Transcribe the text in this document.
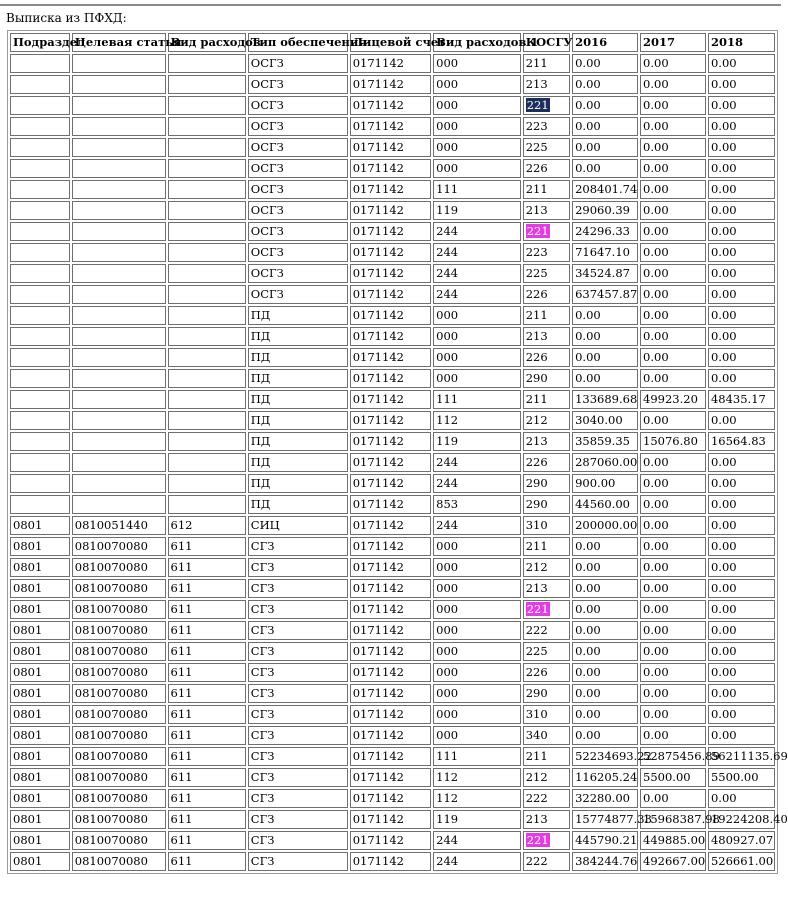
Выписка из ПФХД:
Подраздел	Целевая статья	Вид расходов	Тип обеспечения	Лицевой счет	Вид расходов 1	КОСГУ	2016	2017	2018
			ОСГЗ	0171142	000	211	0.00	0.00	0.00
			ОСГЗ	0171142	000	213	0.00	0.00	0.00
			ОСГЗ	0171142	000	221	0.00	0.00	0.00
			ОСГЗ	0171142	000	223	0.00	0.00	0.00
			ОСГЗ	0171142	000	225	0.00	0.00	0.00
			ОСГЗ	0171142	000	226	0.00	0.00	0.00
			ОСГЗ	0171142	111	211	208401.74	0.00	0.00
			ОСГЗ	0171142	119	213	29060.39	0.00	0.00
			ОСГЗ	0171142	244	221	24296.33	0.00	0.00
			ОСГЗ	0171142	244	223	71647.10	0.00	0.00
			ОСГЗ	0171142	244	225	34524.87	0.00	0.00
			ОСГЗ	0171142	244	226	637457.87	0.00	0.00
			ПД	0171142	000	211	0.00	0.00	0.00
			ПД	0171142	000	213	0.00	0.00	0.00
			ПД	0171142	000	226	0.00	0.00	0.00
			ПД	0171142	000	290	0.00	0.00	0.00
			ПД	0171142	111	211	133689.68	49923.20	48435.17
			ПД	0171142	112	212	3040.00	0.00	0.00
			ПД	0171142	119	213	35859.35	15076.80	16564.83
			ПД	0171142	244	226	287060.00	0.00	0.00
			ПД	0171142	244	290	900.00	0.00	0.00
			ПД	0171142	853	290	44560.00	0.00	0.00
0801	0810051440	612	СИЦ	0171142	244	310	200000.00	0.00	0.00
0801	0810070080	611	СГЗ	0171142	000	211	0.00	0.00	0.00
0801	0810070080	611	СГЗ	0171142	000	212	0.00	0.00	0.00
0801	0810070080	611	СГЗ	0171142	000	213	0.00	0.00	0.00
0801	0810070080	611	СГЗ	0171142	000	221	0.00	0.00	0.00
0801	0810070080	611	СГЗ	0171142	000	222	0.00	0.00	0.00
0801	0810070080	611	СГЗ	0171142	000	225	0.00	0.00	0.00
0801	0810070080	611	СГЗ	0171142	000	226	0.00	0.00	0.00
0801	0810070080	611	СГЗ	0171142	000	290	0.00	0.00	0.00
0801	0810070080	611	СГЗ	0171142	000	310	0.00	0.00	0.00
0801	0810070080	611	СГЗ	0171142	000	340	0.00	0.00	0.00
0801	0810070080	611	СГЗ	0171142	111	211	52234693.22	52875456.89	56211135.69
0801	0810070080	611	СГЗ	0171142	112	212	116205.24	5500.00	5500.00
0801	0810070080	611	СГЗ	0171142	112	222	32280.00	0.00	0.00
0801	0810070080	611	СГЗ	0171142	119	213	15774877.33	15968387.98	19224208.40
0801	0810070080	611	СГЗ	0171142	244	221	445790.21	449885.00	480927.07
0801	0810070080	611	СГЗ	0171142	244	222	384244.76	492667.00	526661.00
